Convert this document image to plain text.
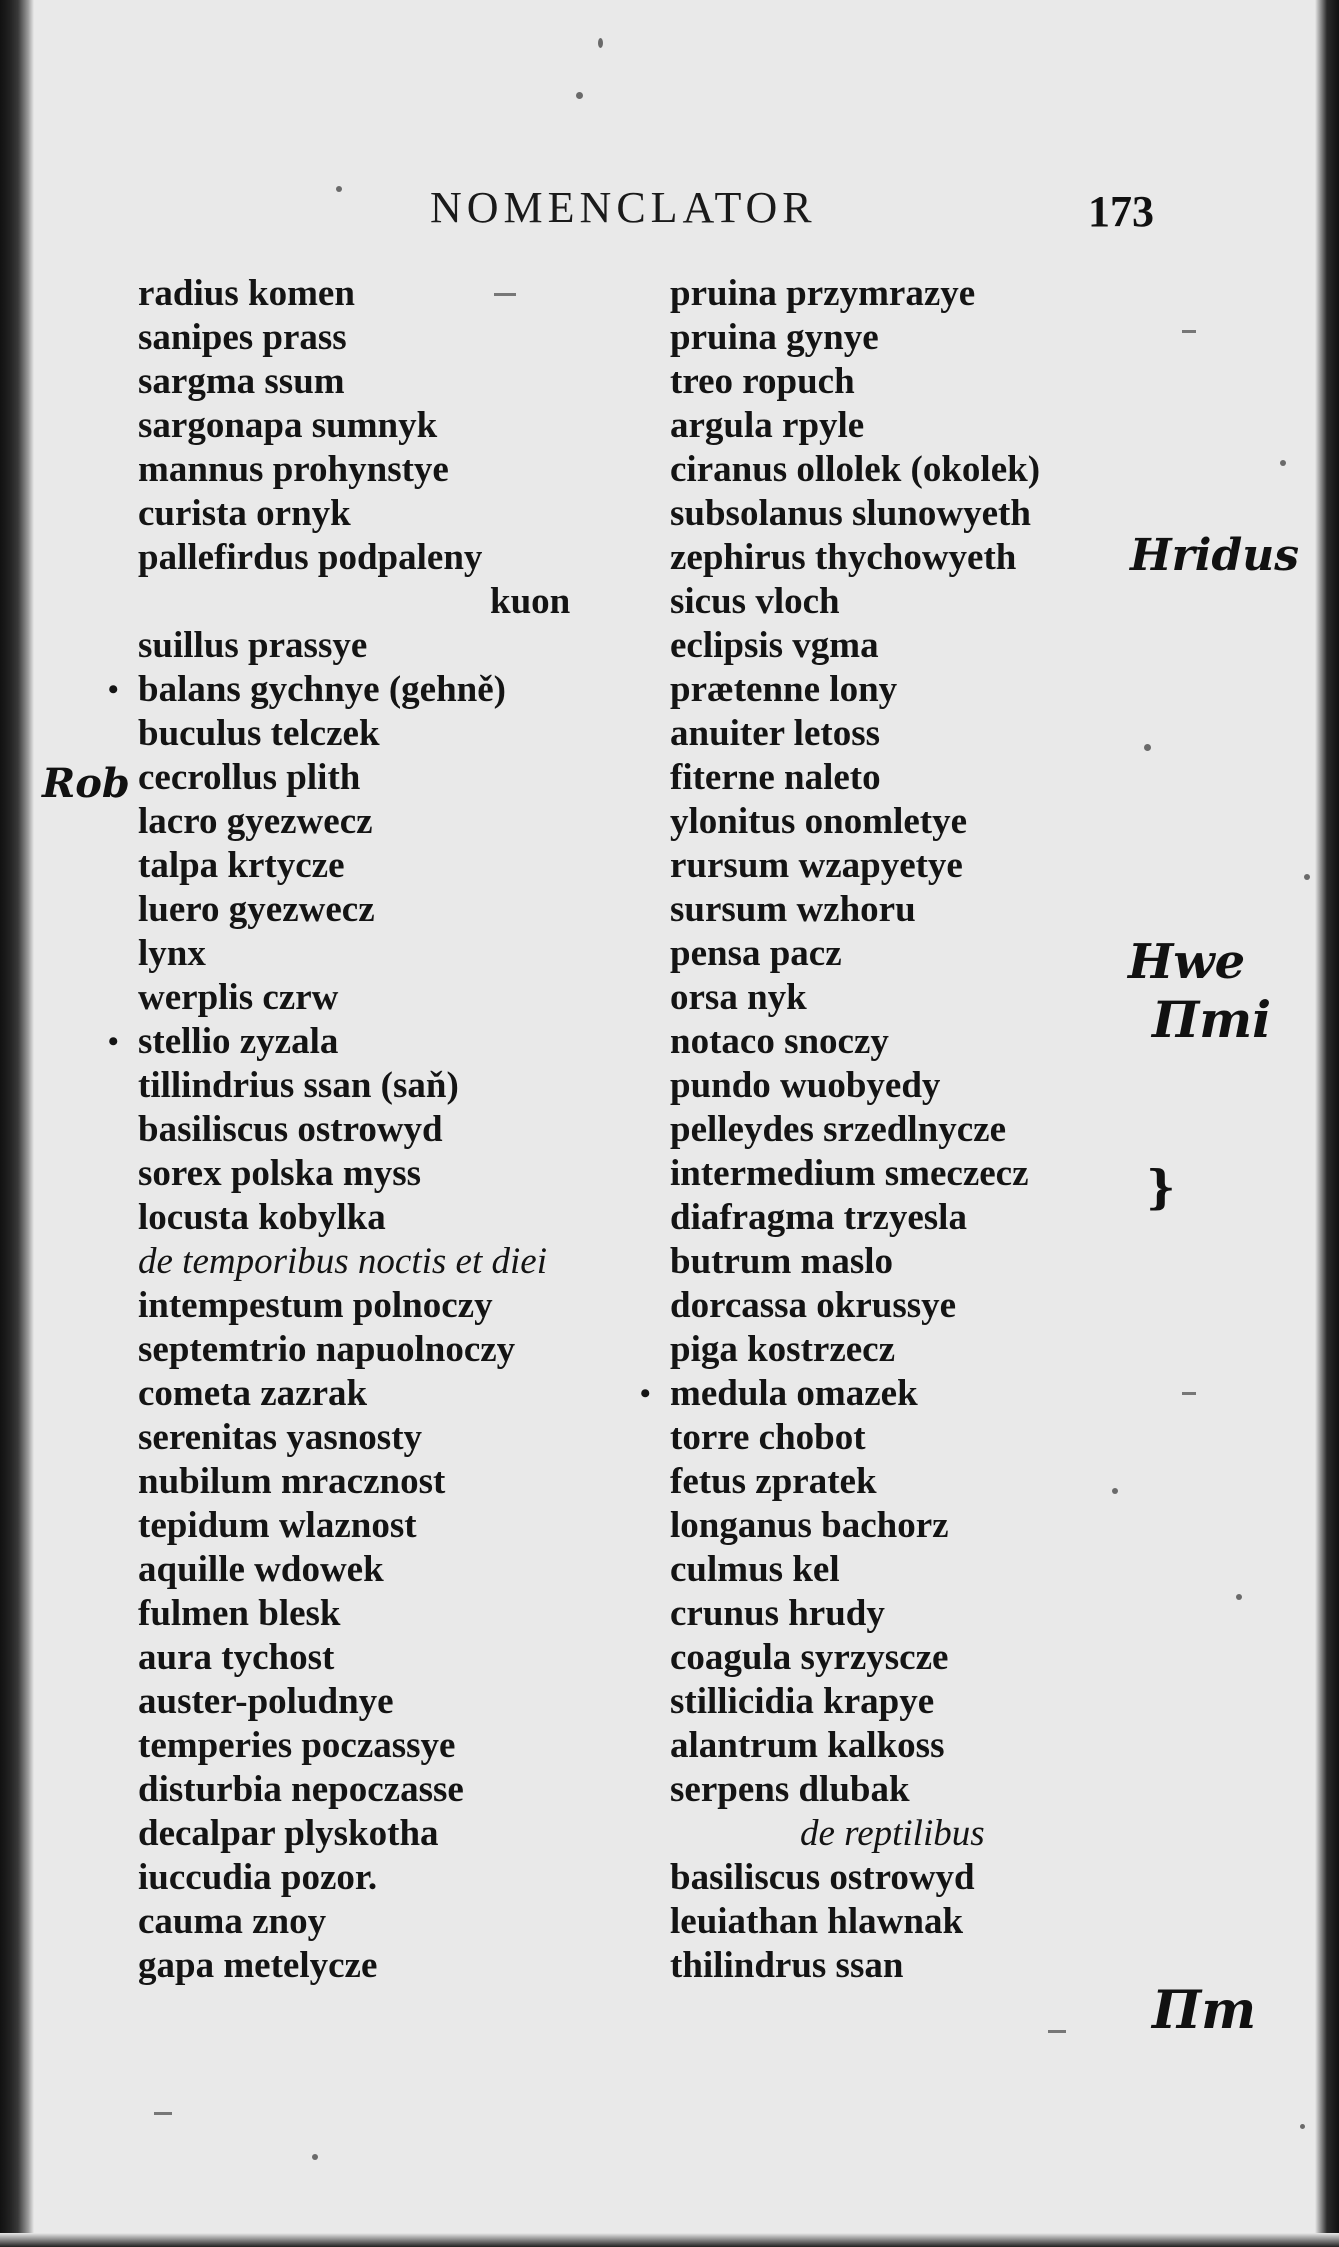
NOMENCLATOR	173
radius komen
sanipes prass
sargma ssum
sargonapa sumnyk
mannus prohynstye
curista ornyk
pallefirdus podpaleny
kuon
suillus prassye
• balans gychnye (gehně)
buculus telczek
cecrollus plith
lacro gyezwecz
talpa krtycze
luero gyezwecz
lynx
werplis czrw
• stellio zyzala
tillindrius ssan (saň)
basiliscus ostrowyd
sorex polska myss
locusta kobylka
de temporibus noctis et diei
intempestum polnoczy
septemtrio napuolnoczy
cometa zazrak
serenitas yasnosty
nubilum mracznost
tepidum wlaznost
aquille wdowek
fulmen blesk
aura tychost
auster-poludnye
temperies poczassye
disturbia nepoczasse
decalpar plyskotha
iuccudia pozor.
cauma znoy
gapa metelycze
pruina przymrazye
pruina gynye
treo ropuch
argula rpyle
ciranus ollolek (okolek)
subsolanus slunowyeth
zephirus thychowyeth
sicus vloch
eclipsis vgma
prætenne lony
anuiter letoss
fiterne naleto
ylonitus onomletye
rursum wzapyetye
sursum wzhoru
pensa pacz
orsa nyk
notaco snoczy
pundo wuobyedy
pelleydes srzedlnycze
intermedium smeczecz
diafragma trzyesla
butrum maslo
dorcassa okrussye
piga kostrzecz
• medula omazek
torre chobot
fetus zpratek
longanus bachorz
culmus kel
crunus hrudy
coagula syrzyscze
stillicidia krapye
alantrum kalkoss
serpens dlubak
de reptilibus
basiliscus ostrowyd
leuiathan hlawnak
thilindrus ssan
Rob
Hridus
Hwe
Πmi
}
Πm
